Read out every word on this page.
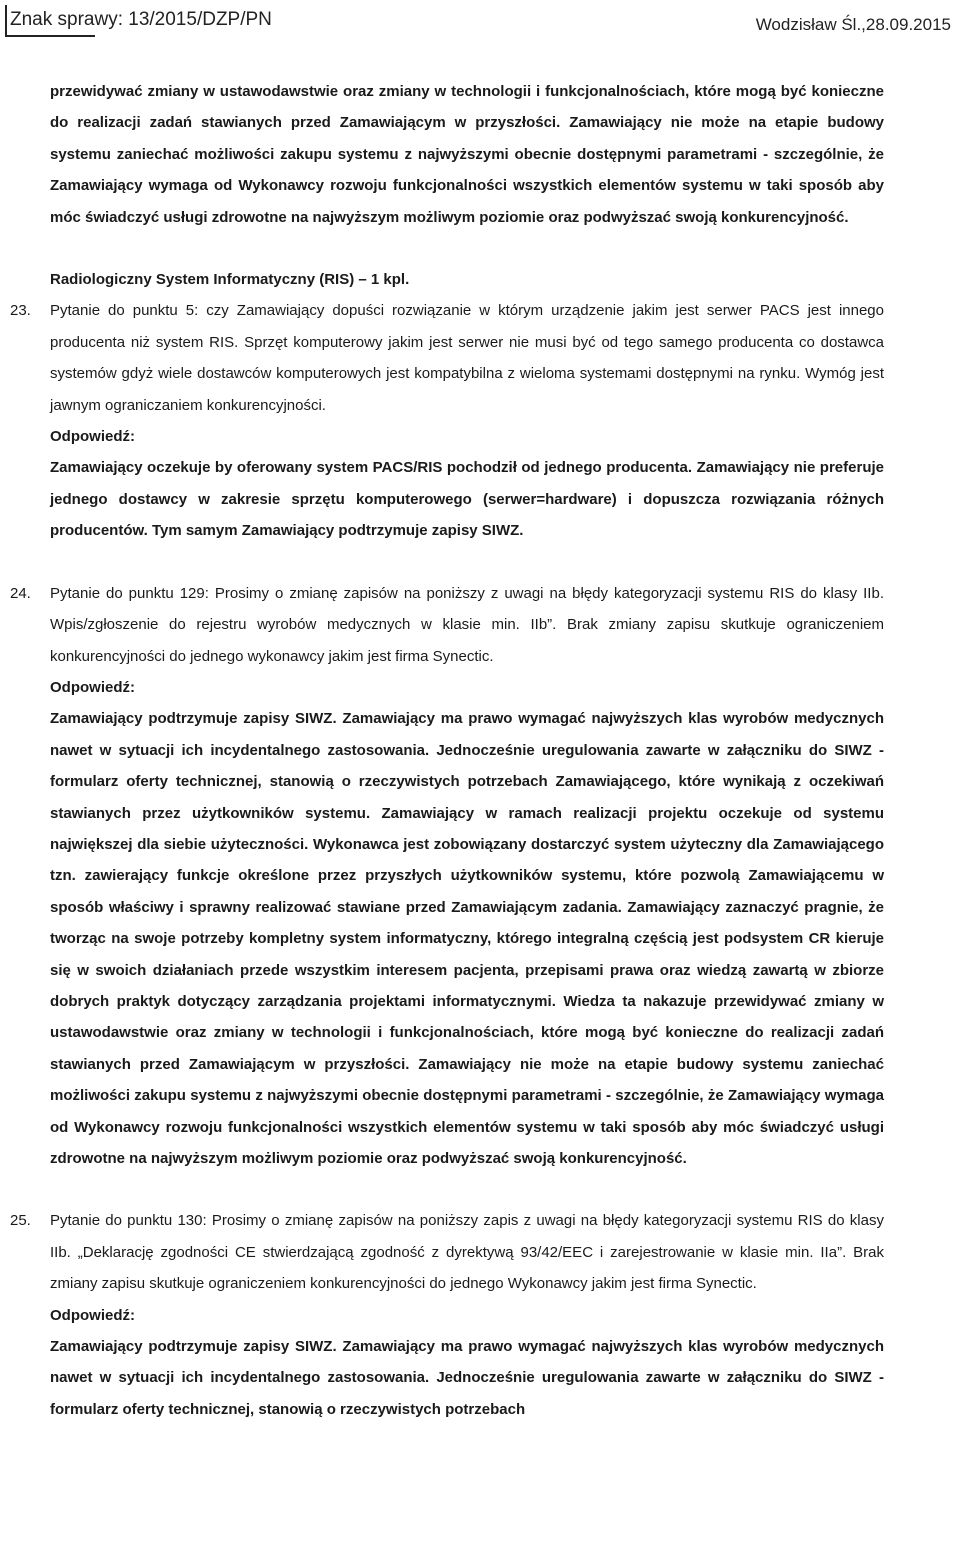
Znak sprawy: 13/2015/DZP/PN	Wodzisław Śl.,28.09.2015

przewidywać zmiany w ustawodawstwie oraz zmiany w technologii i funkcjonalnościach, które mogą być konieczne do realizacji zadań stawianych przed Zamawiającym w przyszłości. Zamawiający nie może na etapie budowy systemu zaniechać możliwości zakupu systemu z najwyższymi obecnie dostępnymi parametrami - szczególnie, że Zamawiający wymaga od Wykonawcy rozwoju funkcjonalności wszystkich elementów systemu w taki sposób aby móc świadczyć usługi zdrowotne na najwyższym możliwym poziomie oraz podwyższać swoją konkurencyjność.

Radiologiczny System Informatyczny (RIS) – 1 kpl.

23. Pytanie do punktu 5: czy Zamawiający dopuści rozwiązanie w którym urządzenie jakim jest serwer PACS jest innego producenta niż system RIS. Sprzęt komputerowy jakim jest serwer nie musi być od tego samego producenta co dostawca systemów gdyż wiele dostawców komputerowych jest kompatybilna z wieloma systemami dostępnymi na rynku. Wymóg jest jawnym ograniczaniem konkurencyjności.

Odpowiedź:

Zamawiający oczekuje by oferowany system PACS/RIS pochodził od jednego producenta. Zamawiający nie preferuje jednego dostawcy w zakresie sprzętu komputerowego (serwer=hardware) i dopuszcza rozwiązania różnych producentów. Tym samym Zamawiający podtrzymuje zapisy SIWZ.

24. Pytanie do punktu 129: Prosimy o zmianę zapisów na poniższy z uwagi na błędy kategoryzacji systemu RIS do klasy IIb. Wpis/zgłoszenie do rejestru wyrobów medycznych w klasie min. IIb”. Brak zmiany zapisu skutkuje ograniczeniem konkurencyjności do jednego wykonawcy jakim jest firma Synectic.

Odpowiedź:

Zamawiający podtrzymuje zapisy SIWZ. Zamawiający ma prawo wymagać najwyższych klas wyrobów medycznych nawet w sytuacji ich incydentalnego zastosowania. Jednocześnie uregulowania zawarte w załączniku do SIWZ - formularz oferty technicznej, stanowią o rzeczywistych potrzebach Zamawiającego, które wynikają z oczekiwań stawianych przez użytkowników systemu. Zamawiający w ramach realizacji projektu oczekuje od systemu największej dla siebie użyteczności. Wykonawca jest zobowiązany dostarczyć system użyteczny dla Zamawiającego tzn. zawierający funkcje określone przez przyszłych użytkowników systemu, które pozwolą Zamawiającemu w sposób właściwy i sprawny realizować stawiane przed Zamawiającym zadania. Zamawiający zaznaczyć pragnie, że tworząc na swoje potrzeby kompletny system informatyczny, którego integralną częścią jest podsystem CR kieruje się w swoich działaniach przede wszystkim interesem pacjenta, przepisami prawa oraz wiedzą zawartą w zbiorze dobrych praktyk dotyczący zarządzania projektami informatycznymi. Wiedza ta nakazuje przewidywać zmiany w ustawodawstwie oraz zmiany w technologii i funkcjonalnościach, które mogą być konieczne do realizacji zadań stawianych przed Zamawiającym w przyszłości. Zamawiający nie może na etapie budowy systemu zaniechać możliwości zakupu systemu z najwyższymi obecnie dostępnymi parametrami - szczególnie, że Zamawiający wymaga od Wykonawcy rozwoju funkcjonalności wszystkich elementów systemu w taki sposób aby móc świadczyć usługi zdrowotne na najwyższym możliwym poziomie oraz podwyższać swoją konkurencyjność.

25. Pytanie do punktu 130: Prosimy o zmianę zapisów na poniższy zapis z uwagi na błędy kategoryzacji systemu RIS do klasy IIb. „Deklarację zgodności CE stwierdzającą zgodność z dyrektywą 93/42/EEC i zarejestrowanie w klasie min. IIa”. Brak zmiany zapisu skutkuje ograniczeniem konkurencyjności do jednego Wykonawcy jakim jest firma Synectic.

Odpowiedź:

Zamawiający podtrzymuje zapisy SIWZ. Zamawiający ma prawo wymagać najwyższych klas wyrobów medycznych nawet w sytuacji ich incydentalnego zastosowania. Jednocześnie uregulowania zawarte w załączniku do SIWZ - formularz oferty technicznej, stanowią o rzeczywistych potrzebach
